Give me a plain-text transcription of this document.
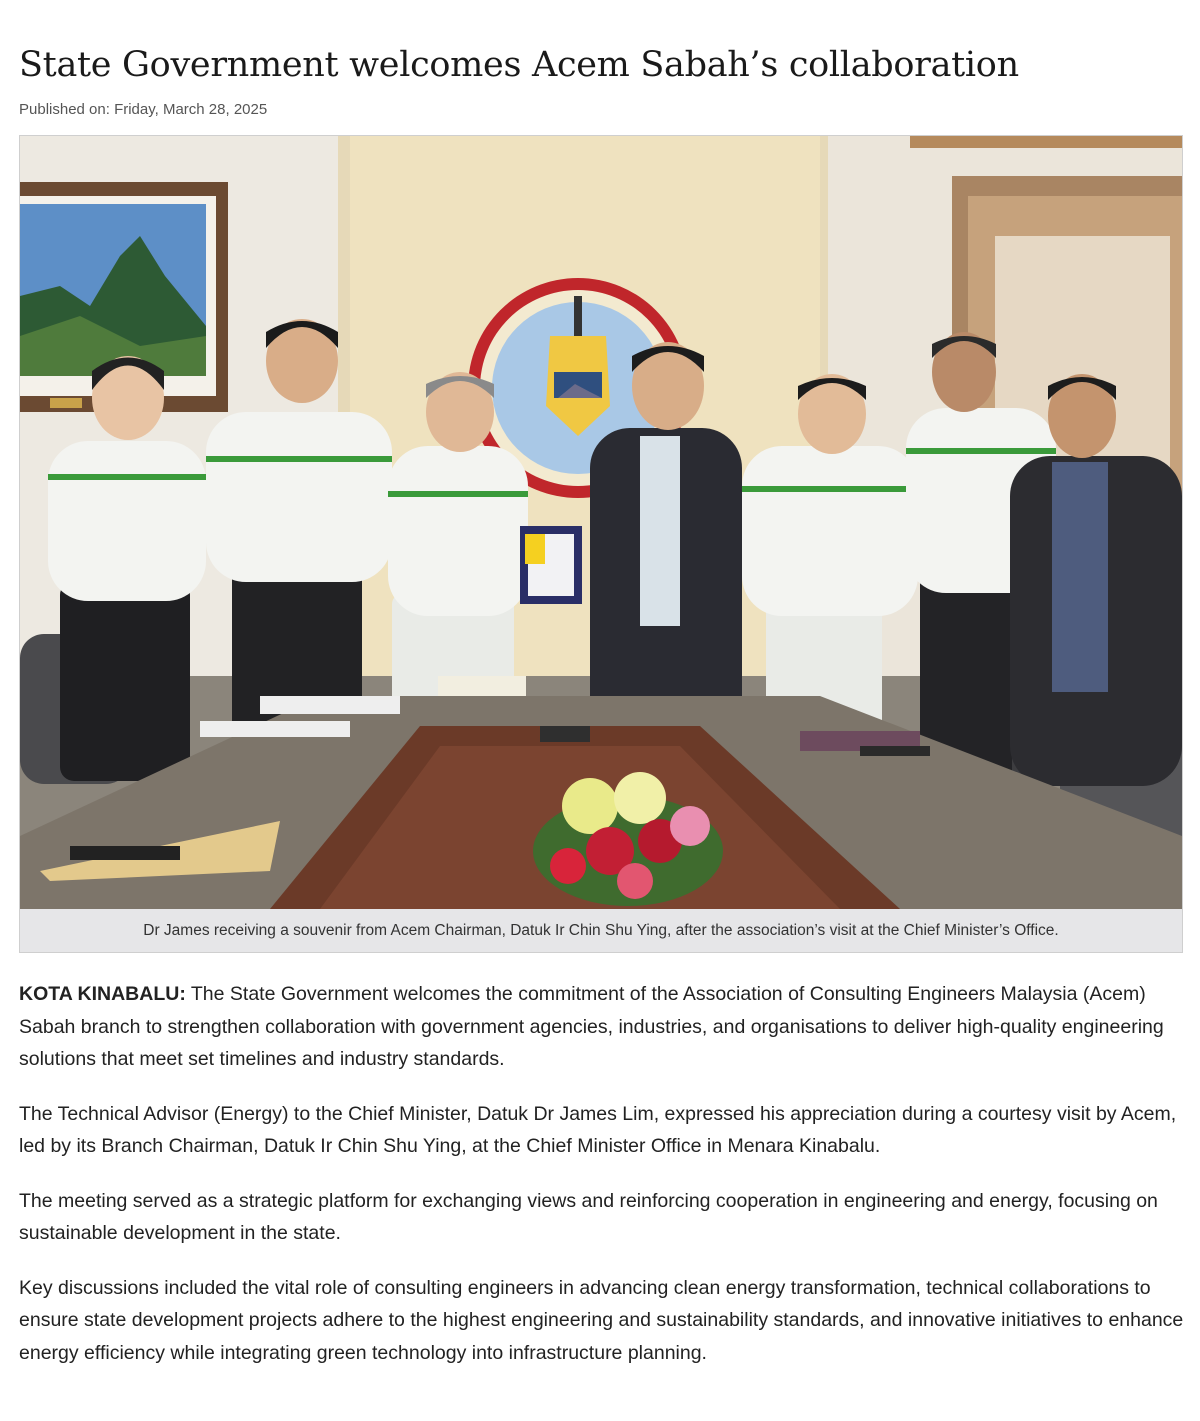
State Government welcomes Acem Sabah’s collaboration
Published on: Friday, March 28, 2025
Dr James receiving a souvenir from Acem Chairman, Datuk Ir Chin Shu Ying, after the association’s visit at the Chief Minister’s Office.

KOTA KINABALU: The State Government welcomes the commitment of the Association of Consulting Engineers Malaysia (Acem) Sabah branch to strengthen collaboration with government agencies, industries, and organisations to deliver high-quality engineering solutions that meet set timelines and industry standards.

The Technical Advisor (Energy) to the Chief Minister, Datuk Dr James Lim, expressed his appreciation during a courtesy visit by Acem, led by its Branch Chairman, Datuk Ir Chin Shu Ying, at the Chief Minister Office in Menara Kinabalu.

The meeting served as a strategic platform for exchanging views and reinforcing cooperation in engineering and energy, focusing on sustainable development in the state.

Key discussions included the vital role of consulting engineers in advancing clean energy transformation, technical collaborations to ensure state development projects adhere to the highest engineering and sustainability standards, and innovative initiatives to enhance energy efficiency while integrating green technology into infrastructure planning.
